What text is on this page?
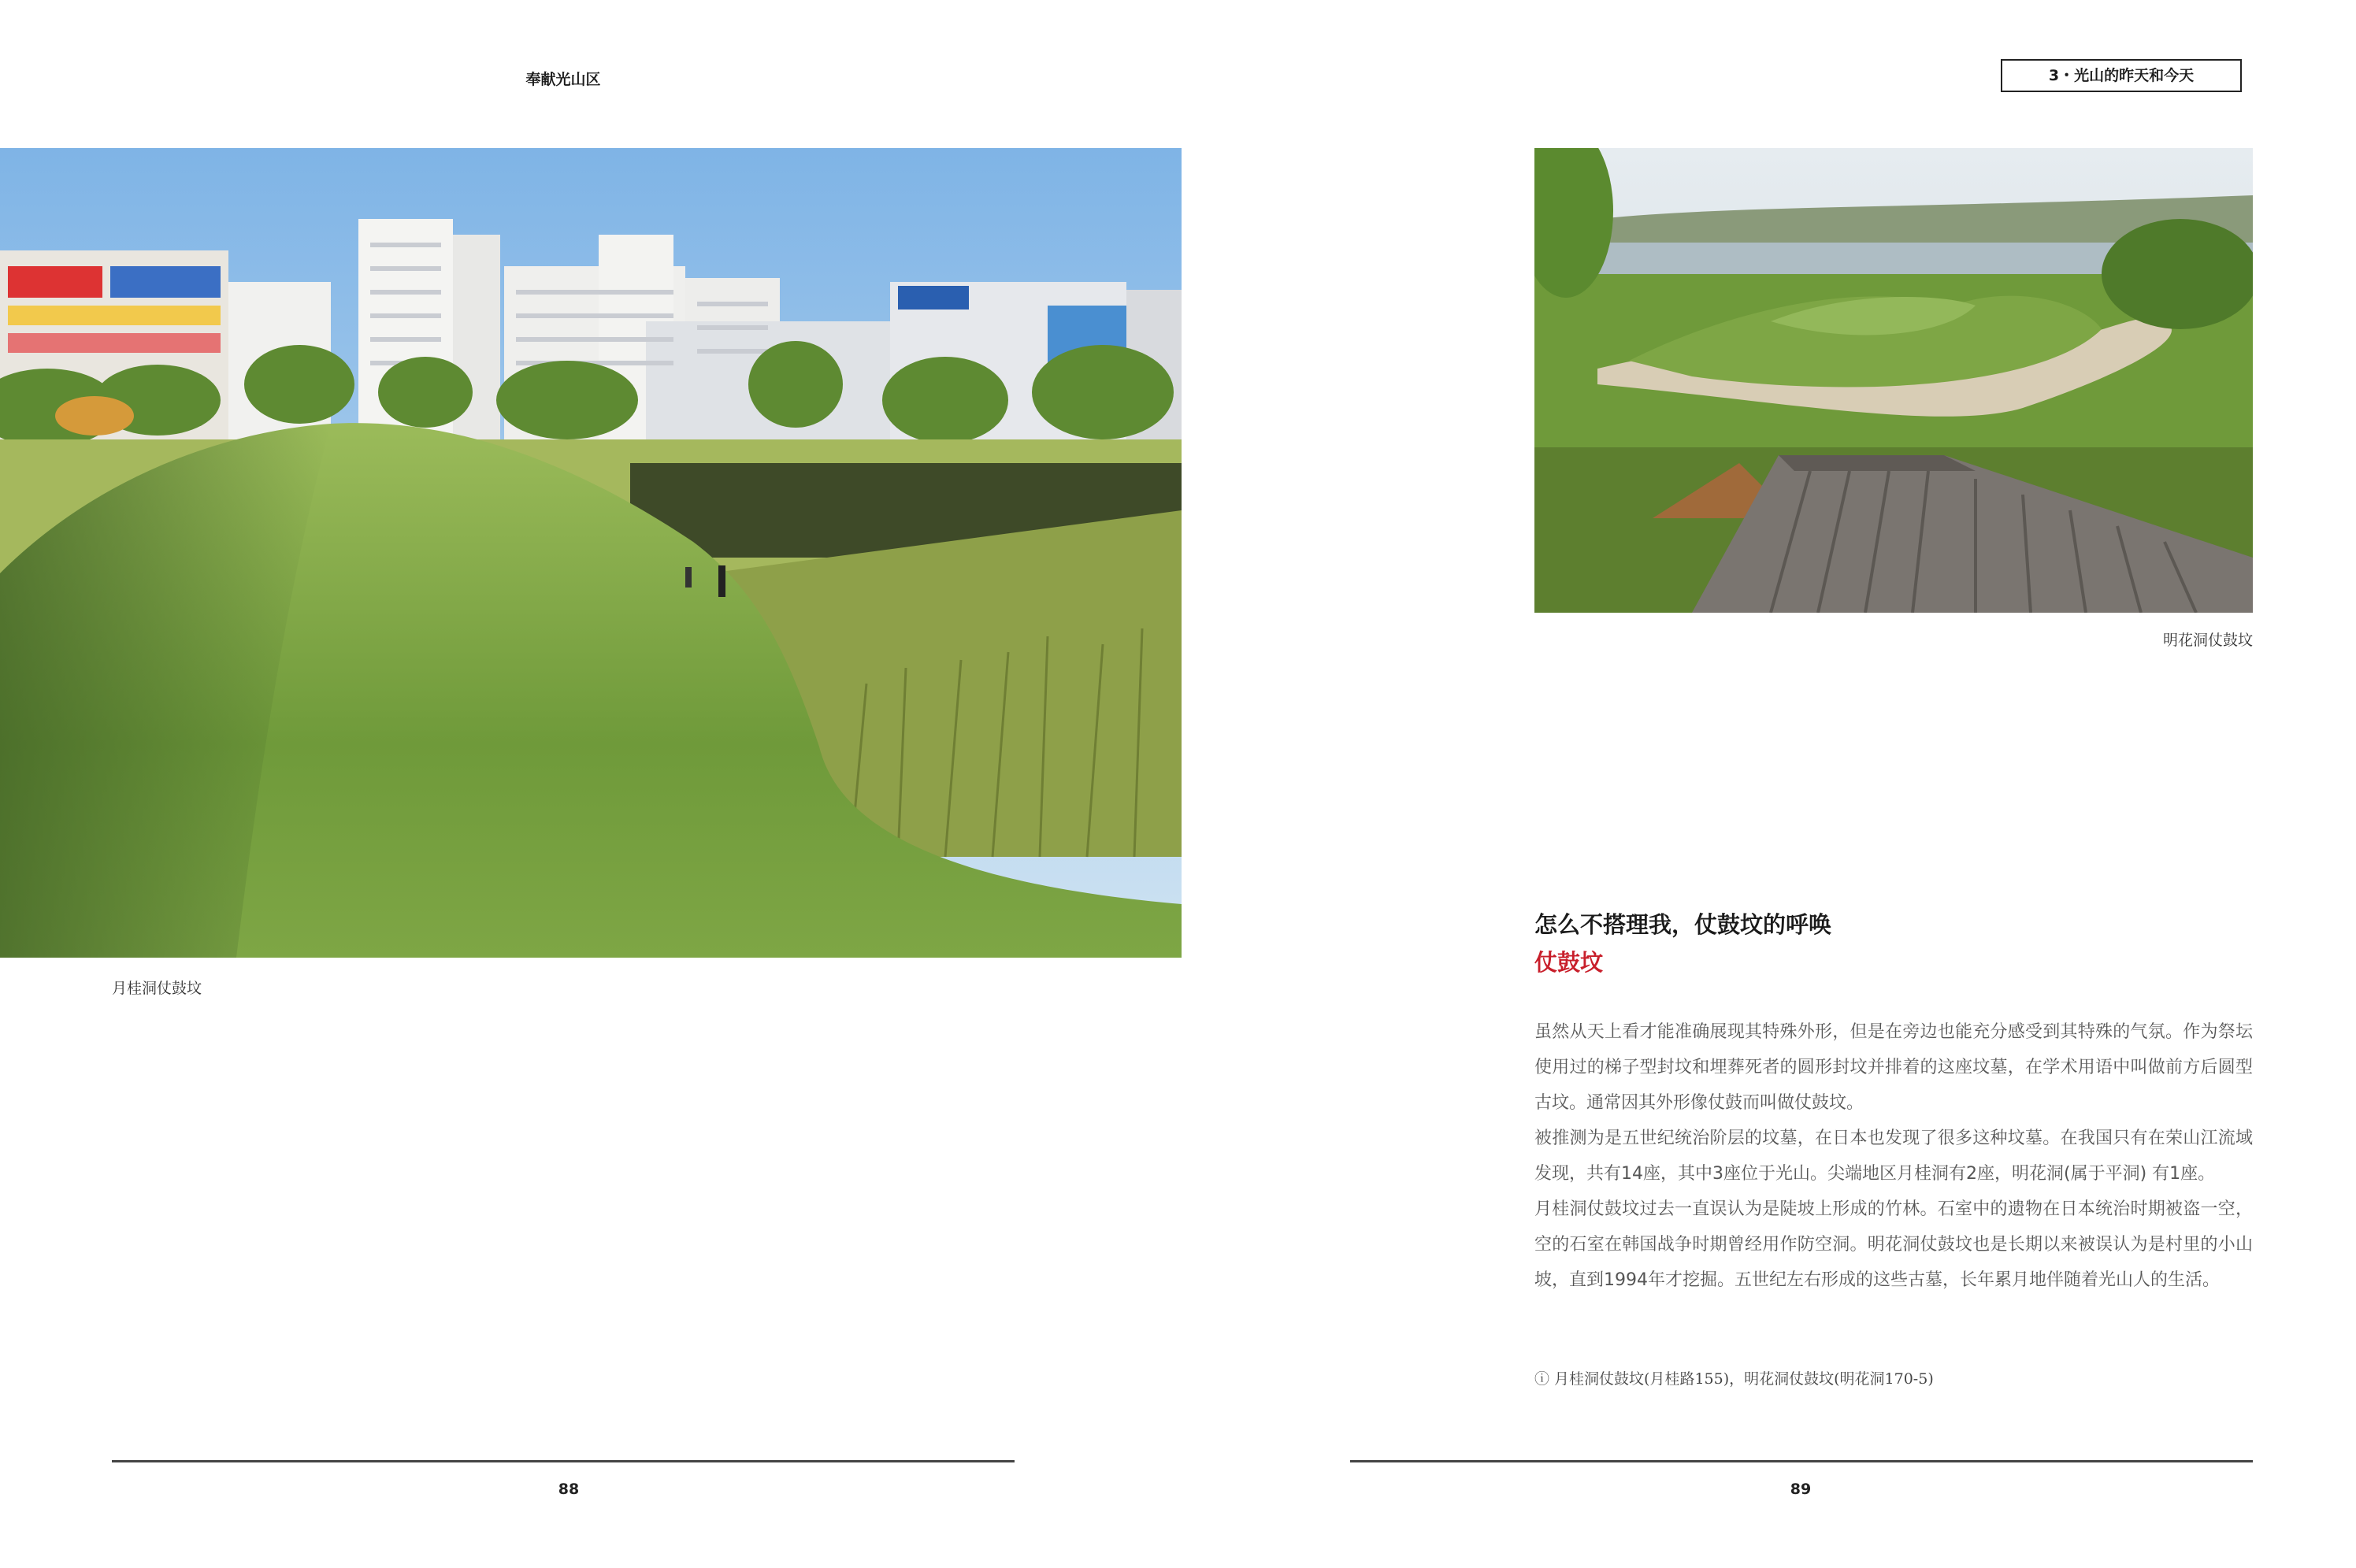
奉献光山区	3・光山的昨天和今天
月桂洞仗鼓坟
明花洞仗鼓坟
怎么不搭理我，仗鼓坟的呼唤
仗鼓坟

虽然从天上看才能准确展现其特殊外形，但是在旁边也能充分感受到其特殊的气氛。作为祭坛使用过的梯子型封坟和埋葬死者的圆形封坟并排着的这座坟墓，在学术用语中叫做前方后圆型古坟。通常因其外形像仗鼓而叫做仗鼓坟。

被推测为是五世纪统治阶层的坟墓，在日本也发现了很多这种坟墓。在我国只有在荣山江流域发现，共有14座，其中3座位于光山。尖端地区月桂洞有2座，明花洞(属于平洞) 有1座。

月桂洞仗鼓坟过去一直误认为是陡坡上形成的竹林。石室中的遗物在日本统治时期被盗一空，空的石室在韩国战争时期曾经用作防空洞。明花洞仗鼓坟也是长期以来被误认为是村里的小山坡，直到1994年才挖掘。五世纪左右形成的这些古墓，长年累月地伴随着光山人的生活。

ⓘ 月桂洞仗鼓坟(月桂路155)，明花洞仗鼓坟(明花洞170-5)
88	89
